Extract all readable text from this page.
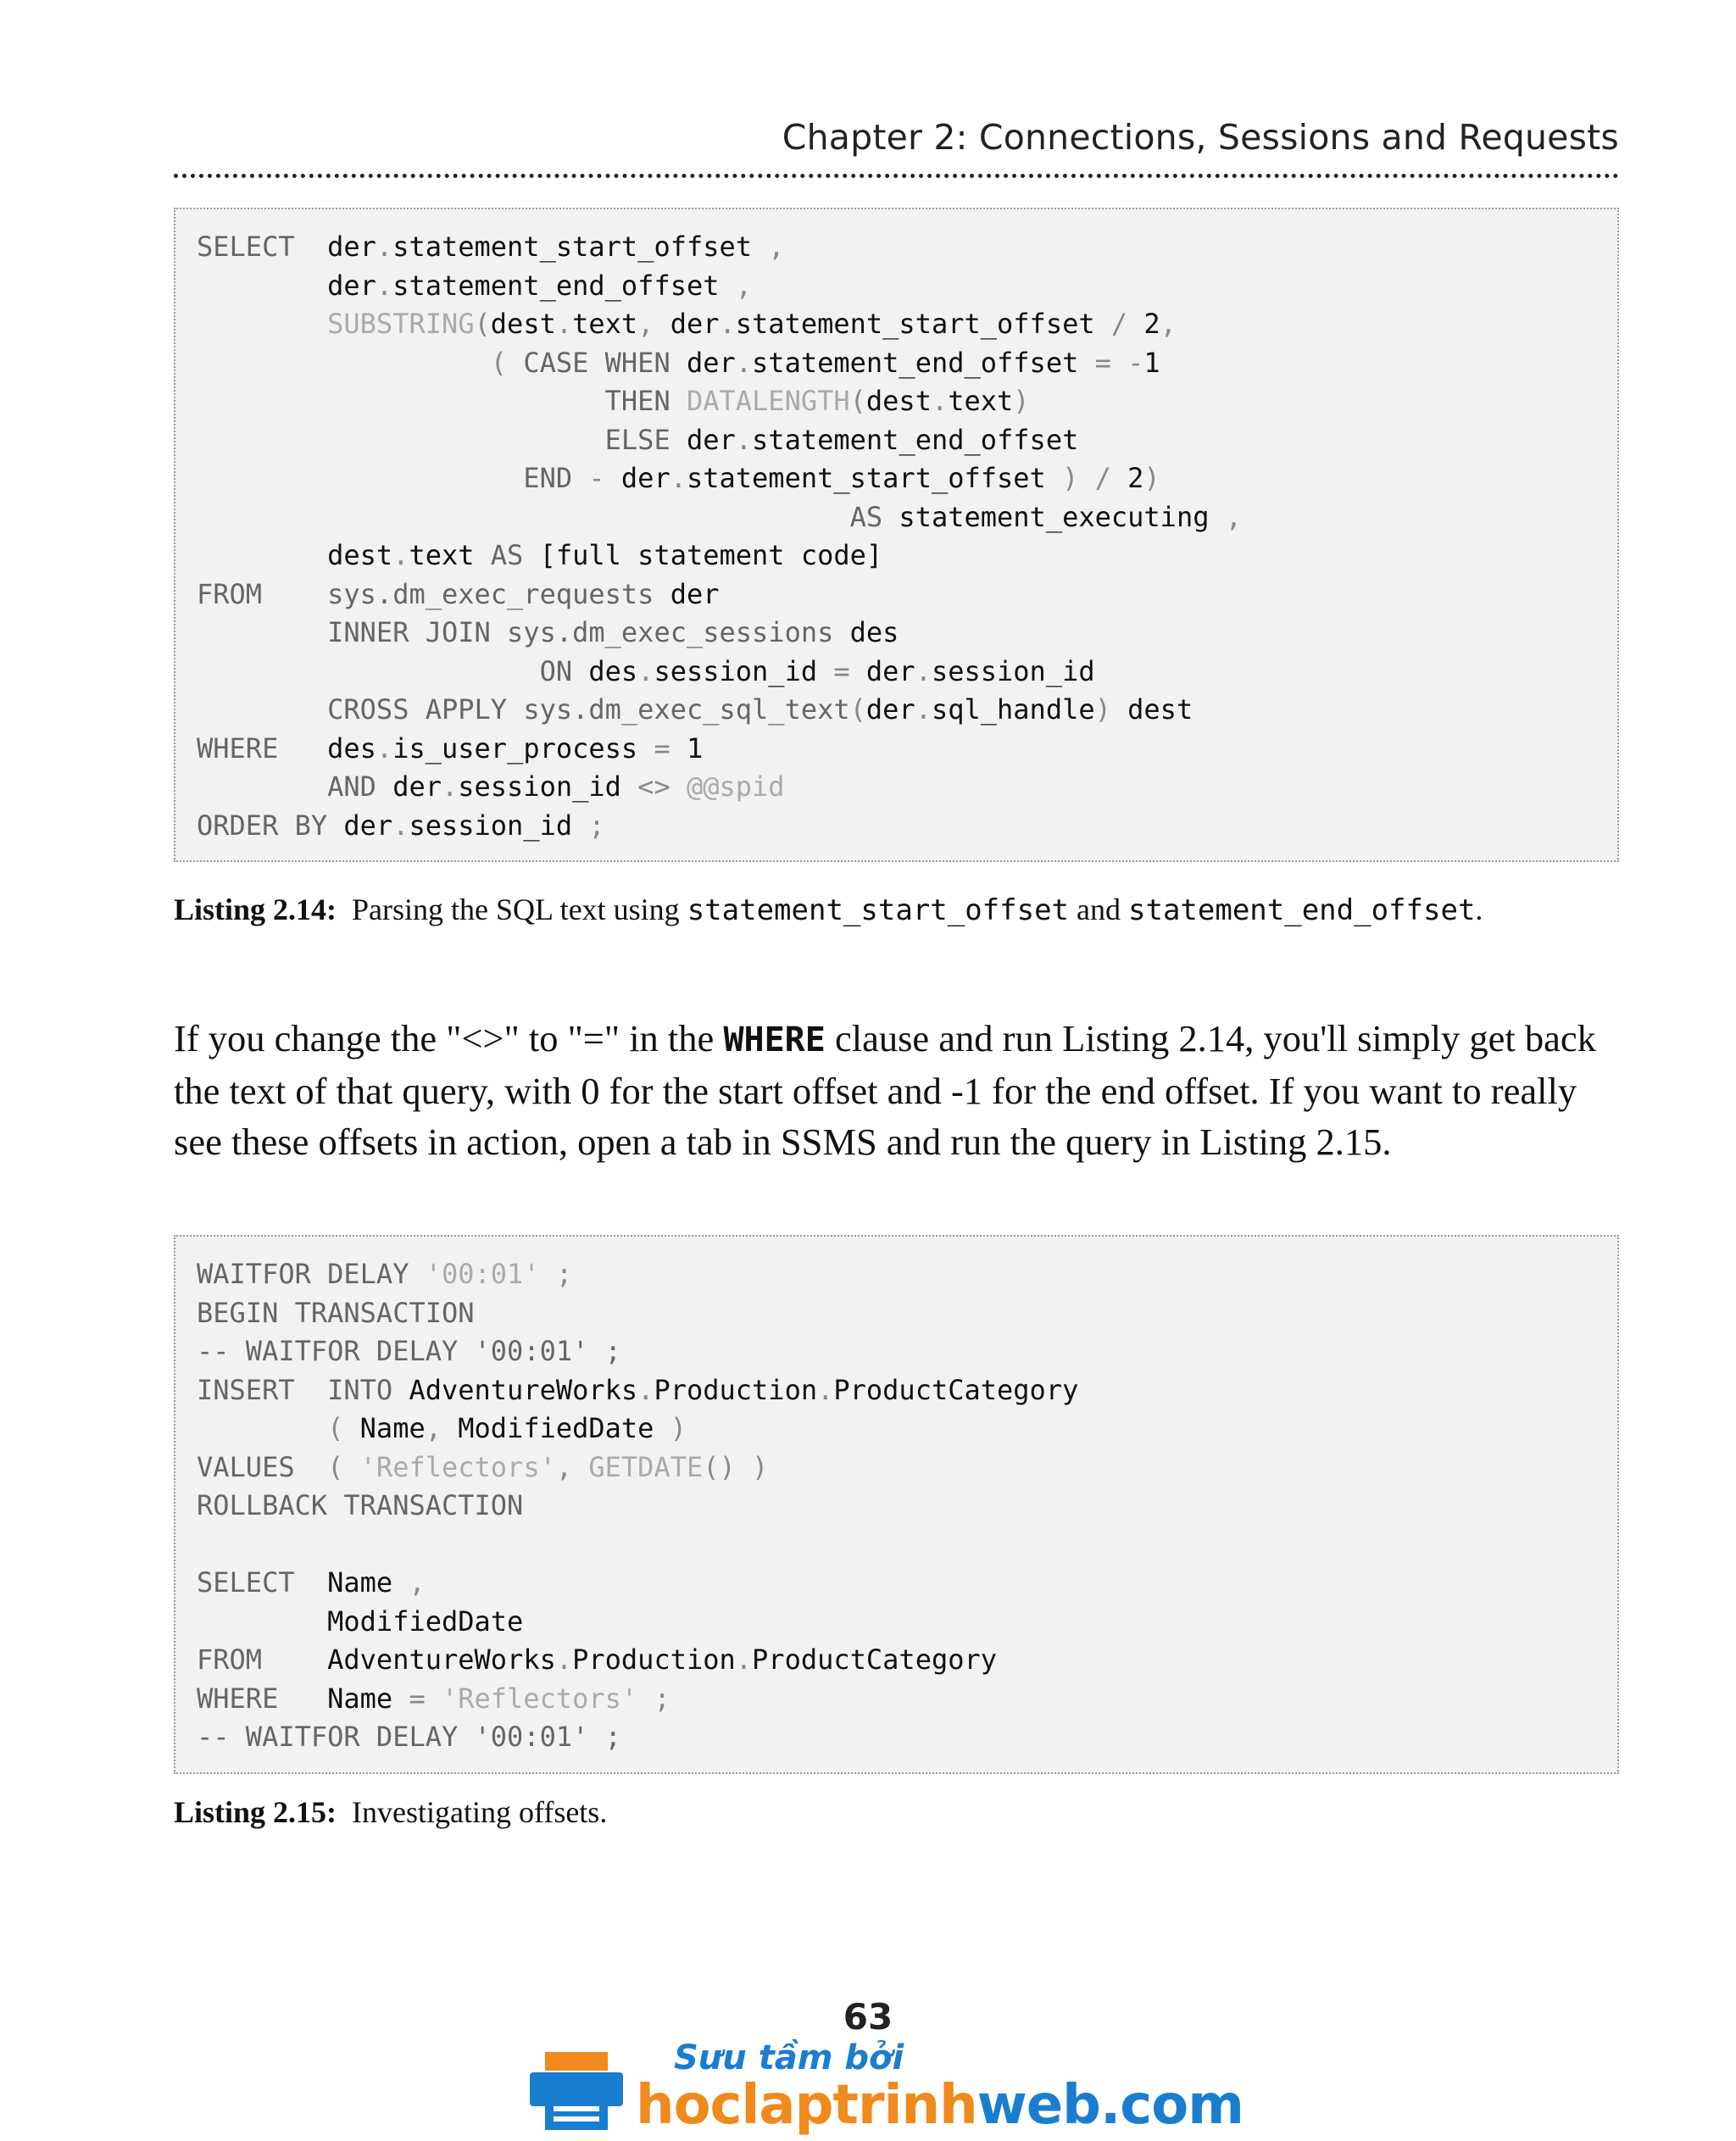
Chapter 2: Connections, Sessions and Requests
SELECT  der.statement_start_offset ,
der.statement_end_offset ,
SUBSTRING(dest.text, der.statement_start_offset / 2,
( CASE WHEN der.statement_end_offset = -1
THEN DATALENGTH(dest.text)
ELSE der.statement_end_offset
END - der.statement_start_offset ) / 2)
AS statement_executing ,
dest.text AS [full statement code]
FROM sys.dm_exec_requests der
INNER JOIN sys.dm_exec_sessions des
ON des.session_id = der.session_id
CROSS APPLY sys.dm_exec_sql_text(der.sql_handle) dest
WHERE   des.is_user_process = 1
AND der.session_id <> @@spid
ORDER BY der.session_id ;
Listing 2.14: Parsing the SQL text using statement_start_offset and statement_end_offset.

If you change the "<>" to "=" in the WHERE clause and run Listing 2.14, you'll simply get back the text of that query, with 0 for the start offset and -1 for the end offset. If you want to really see these offsets in action, open a tab in SSMS and run the query in Listing 2.15.

WAITFOR DELAY '00:01' ;
BEGIN TRANSACTION
-- WAITFOR DELAY '00:01' ;
INSERT INTO AdventureWorks.Production.ProductCategory
( Name, ModifiedDate )
VALUES ( 'Reflectors', GETDATE() )
ROLLBACK TRANSACTION

SELECT  Name ,
ModifiedDate
FROM    AdventureWorks.Production.ProductCategory
WHERE   Name = 'Reflectors' ;
-- WAITFOR DELAY '00:01' ;
Listing 2.15: Investigating offsets.
63
Sưu tầm bởi
hoclaptrinhweb.com
